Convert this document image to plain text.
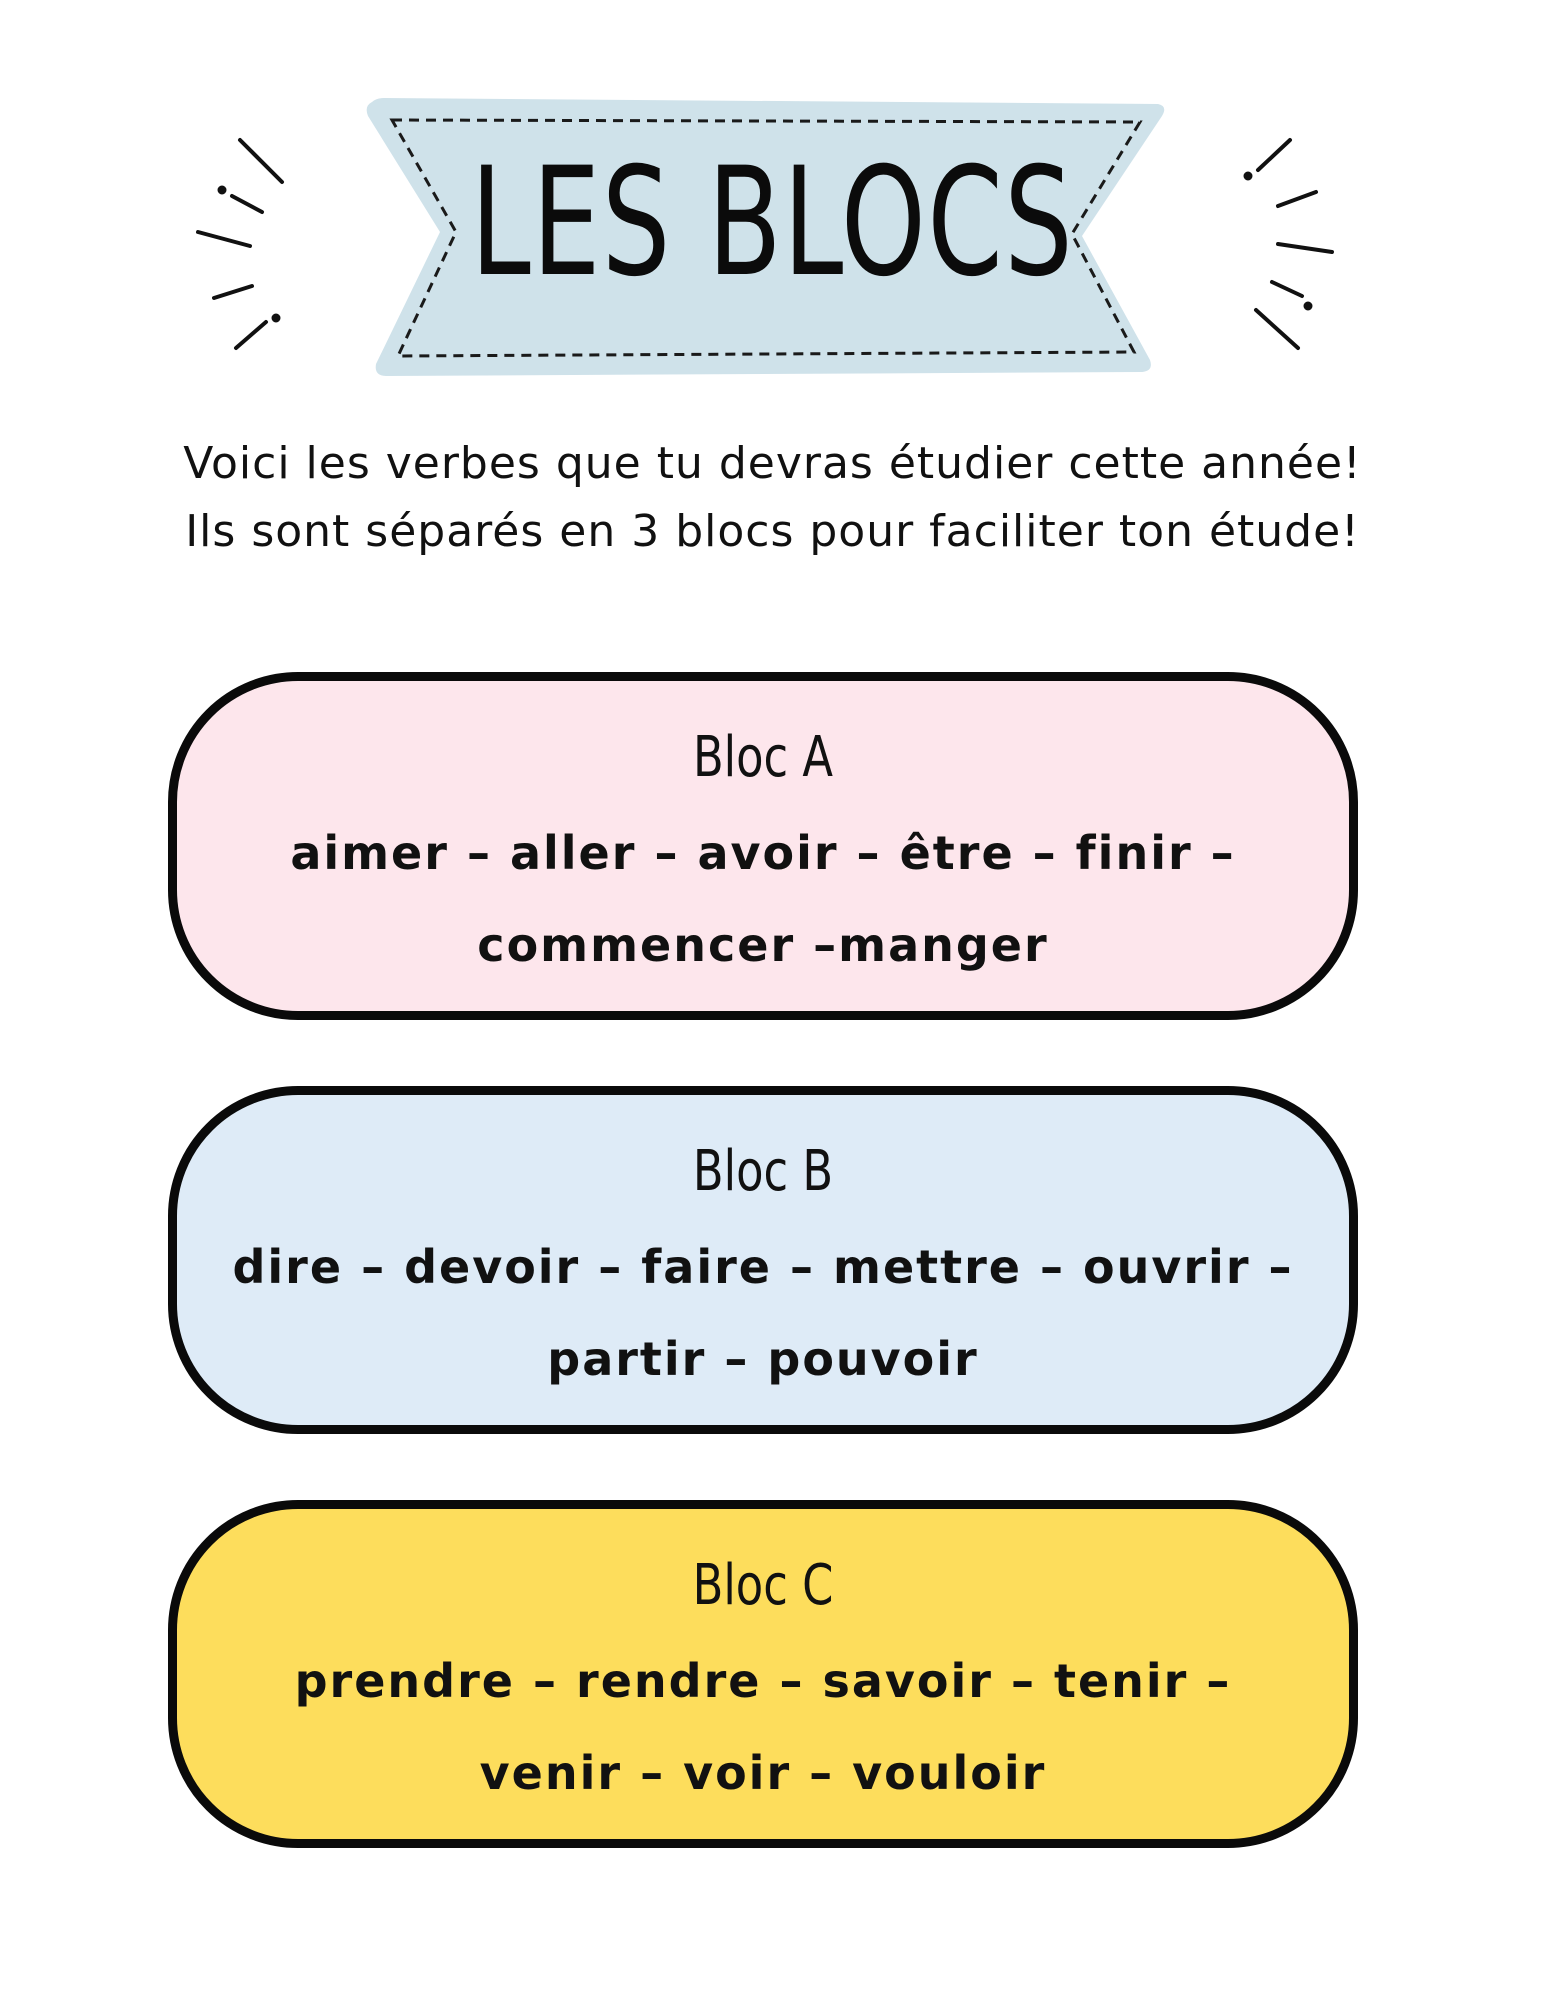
LES BLOCS

Voici les verbes que tu devras étudier cette année!

Ils sont séparés en 3 blocs pour faciliter ton étude!

Bloc A
aimer – aller – avoir – être – finir –
commencer –manger
Bloc B
dire – devoir – faire – mettre – ouvrir –
partir – pouvoir
Bloc C
prendre – rendre – savoir – tenir –
venir – voir – vouloir
